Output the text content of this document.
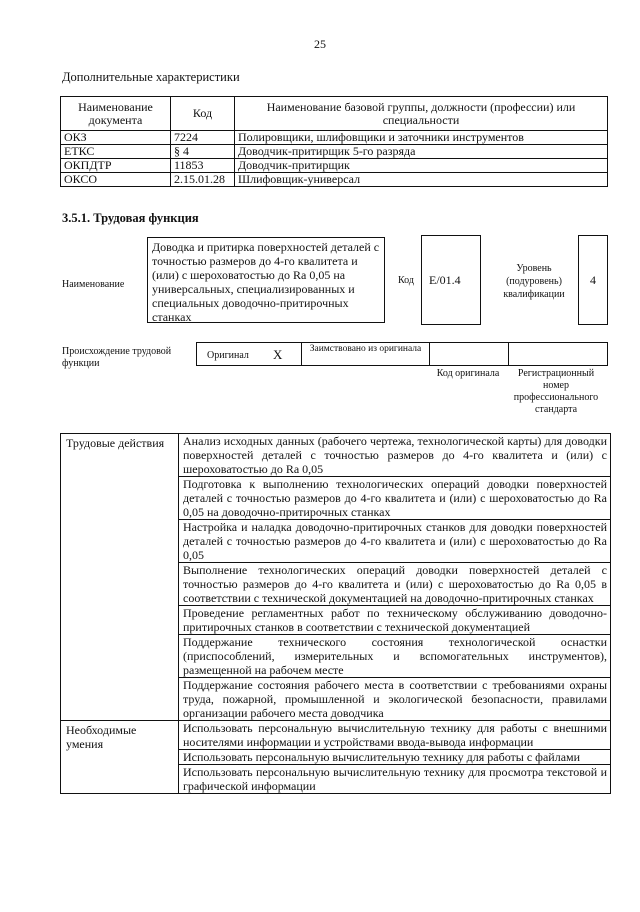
25
Дополнительные характеристики
Наименование документа	Код	Наименование базовой группы, должности (профессии) или специальности
ОКЗ	7224	Полировщики, шлифовщики и заточники инструментов
ЕТКС	§ 4	Доводчик-притирщик 5-го разряда
ОКПДТР	11853	Доводчик-притирщик
ОКСО	2.15.01.28	Шлифовщик-универсал
3.5.1. Трудовая функция
Наименование
Доводка и притирка поверхностей деталей с точностью размеров до 4-го квалитета и (или) с шероховатостью до Ra 0,05 на универсальных, специализированных и специальных доводочно-притирочных станках
Код E/01.4
Уровень (подуровень) квалификации
4
Происхождение трудовой функции
Оригинал X	Заимствовано из оригинала
Код оригинала	Регистрационный номер профессионального стандарта
Трудовые действия	Анализ исходных данных (рабочего чертежа, технологической карты) для доводки поверхностей деталей с точностью размеров до 4-го квалитета и (или) с шероховатостью до Ra 0,05
	Подготовка к выполнению технологических операций доводки поверхностей деталей с точностью размеров до 4-го квалитета и (или) с шероховатостью до Ra 0,05 на доводочно-притирочных станках
	Настройка и наладка доводочно-притирочных станков для доводки поверхностей деталей с точностью размеров до 4-го квалитета и (или) с шероховатостью до Ra 0,05
	Выполнение технологических операций доводки поверхностей деталей с точностью размеров до 4-го квалитета и (или) с шероховатостью до Ra 0,05 в соответствии с технической документацией на доводочно-притирочных станках
	Проведение регламентных работ по техническому обслуживанию доводочно-притирочных станков в соответствии с технической документацией
	Поддержание технического состояния технологической оснастки (приспособлений, измерительных и вспомогательных инструментов), размещенной на рабочем месте
	Поддержание состояния рабочего места в соответствии с требованиями охраны труда, пожарной, промышленной и экологической безопасности, правилами организации рабочего места доводчика
Необходимые умения	Использовать персональную вычислительную технику для работы с внешними носителями информации и устройствами ввода-вывода информации
	Использовать персональную вычислительную технику для работы с файлами
	Использовать персональную вычислительную технику для просмотра текстовой и графической информации
